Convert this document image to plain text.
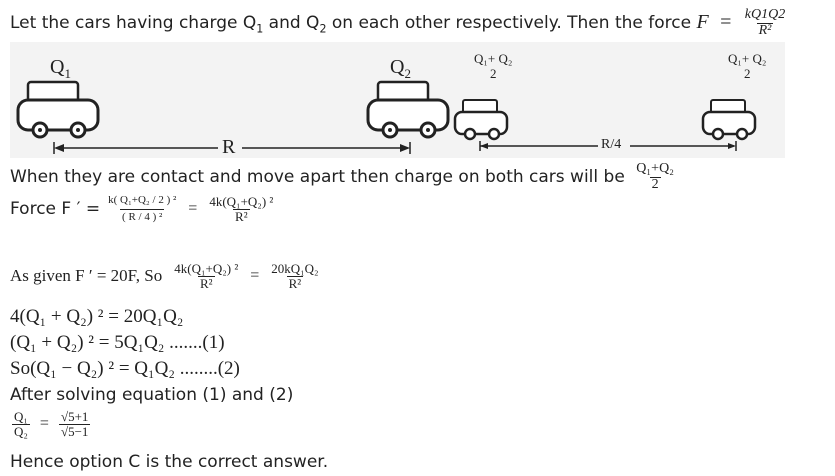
Let the cars having charge $Q_1$ and $Q_2$ on each other respectively. Then the force $F = \frac{kQ1Q2}{\text{R²}}$
$Q_1$	$Q_2$
Q₁+ Q₂
2
Q₁+ Q₂
2
R	R/4
When they are contact and move apart then charge on both cars will be $\frac{\text{Q₁+Q₂}}{2}$
Force F ′ = $\frac{\text{k( Q₁+Q₂ / 2 ) ²}}{\text{( R / 4 ) ²}} = \frac{\text{4k(Q₁+Q₂) ²}}{\text{R²}}$
As given F ′ = 20F, So $\frac{\text{4k(Q₁+Q₂) ²}}{\text{R²}} = \frac{\text{20kQ₁Q₂}}{\text{R²}}$
4(Q₁ + Q₂) ² = 20Q₁Q₂
(Q₁ + Q₂) ² = 5Q₁Q₂ .......(1)
So(Q₁ − Q₂) ² = Q₁Q₂ ........(2)
After solving equation (1) and (2)
$\frac{\text{Q₁}}{\text{Q₂}} = \frac{√5+1}{√5-1}$
Hence option C is the correct answer.
